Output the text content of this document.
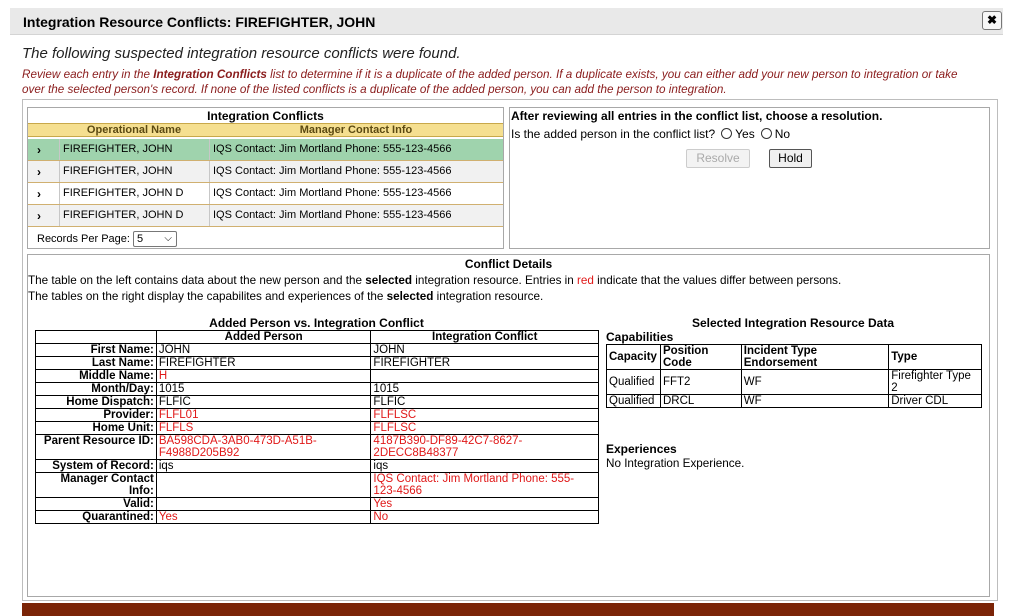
Integration Resource Conflicts: FIREFIGHTER, JOHN	✖
The following suspected integration resource conflicts were found.
Review each entry in the Integration Conflicts list to determine if it is a duplicate of the added person. If a duplicate exists, you can either add your new person to integration or take over the selected person's record. If none of the listed conflicts is a duplicate of the added person, you can add the person to integration.
Integration Conflicts
Operational Name	Manager Contact Info
›	FIREFIGHTER, JOHN	IQS Contact: Jim Mortland Phone: 555-123-4566
›	FIREFIGHTER, JOHN	IQS Contact: Jim Mortland Phone: 555-123-4566
›	FIREFIGHTER, JOHN D	IQS Contact: Jim Mortland Phone: 555-123-4566
›	FIREFIGHTER, JOHN D	IQS Contact: Jim Mortland Phone: 555-123-4566
Records Per Page: 5 ⌵
After reviewing all entries in the conflict list, choose a resolution.
Is the added person in the conflict list? Yes No
Resolve	Hold
Conflict Details
The table on the left contains data about the new person and the selected integration resource. Entries in red indicate that the values differ between persons.
The tables on the right display the capabilites and experiences of the selected integration resource.
Added Person vs. Integration Conflict
	Added Person	Integration Conflict
First Name:	JOHN	JOHN
Last Name:	FIREFIGHTER	FIREFIGHTER
Middle Name:	H	
Month/Day:	1015	1015
Home Dispatch:	FLFIC	FLFIC
Provider:	FLFL01	FLFLSC
Home Unit:	FLFLS	FLFLSC
Parent Resource ID:	BA598CDA-3AB0-473D-A51B-F4988D205B92	4187B390-DF89-42C7-8627-2DECC8B48377
System of Record:	iqs	iqs
Manager Contact Info:		IQS Contact: Jim Mortland Phone: 555-123-4566
Valid:		Yes
Quarantined:	Yes	No
Selected Integration Resource Data
Capabilities
Capacity	Position Code	Incident Type Endorsement	Type
Qualified	FFT2	WF	Firefighter Type 2
Qualified	DRCL	WF	Driver CDL
Experiences
No Integration Experience.
